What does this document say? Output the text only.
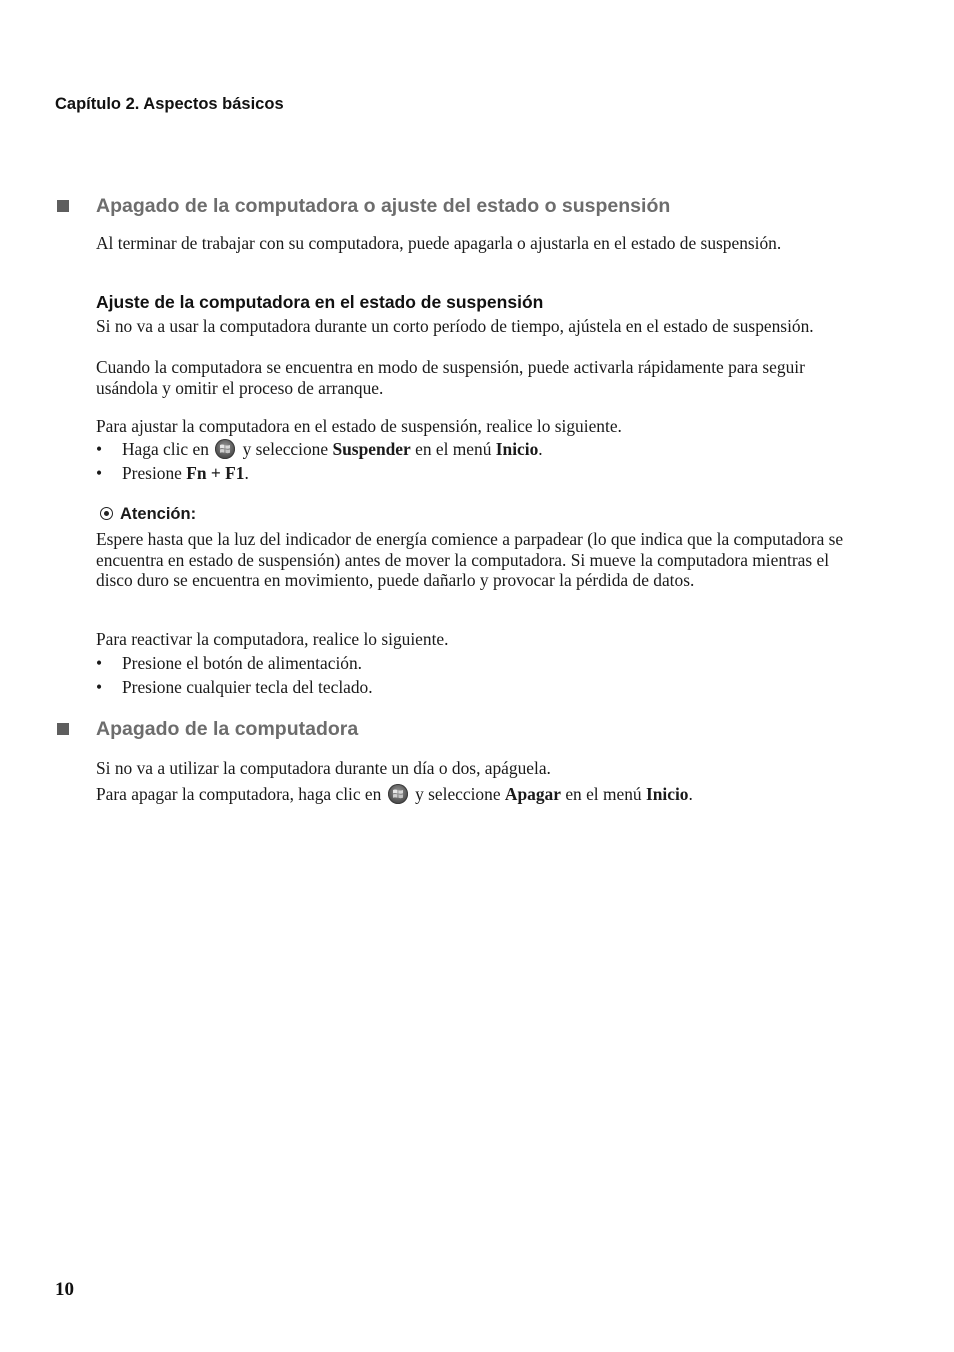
Capítulo 2. Aspectos básicos
Apagado de la computadora o ajuste del estado o suspensión
Al terminar de trabajar con su computadora, puede apagarla o ajustarla en el estado de suspensión.
Ajuste de la computadora en el estado de suspensión
Si no va a usar la computadora durante un corto período de tiempo, ajústela en el estado de suspensión.
Cuando la computadora se encuentra en modo de suspensión, puede activarla rápidamente para seguir usándola y omitir el proceso de arranque.
Para ajustar la computadora en el estado de suspensión, realice lo siguiente.
• Haga clic en y seleccione Suspender en el menú Inicio.
• Presione Fn + F1.
Atención:
Espere hasta que la luz del indicador de energía comience a parpadear (lo que indica que la computadora se encuentra en estado de suspensión) antes de mover la computadora. Si mueve la computadora mientras el disco duro se encuentra en movimiento, puede dañarlo y provocar la pérdida de datos.
Para reactivar la computadora, realice lo siguiente.
• Presione el botón de alimentación.
• Presione cualquier tecla del teclado.
Apagado de la computadora
Si no va a utilizar la computadora durante un día o dos, apáguela.
Para apagar la computadora, haga clic en y seleccione Apagar en el menú Inicio.
10
